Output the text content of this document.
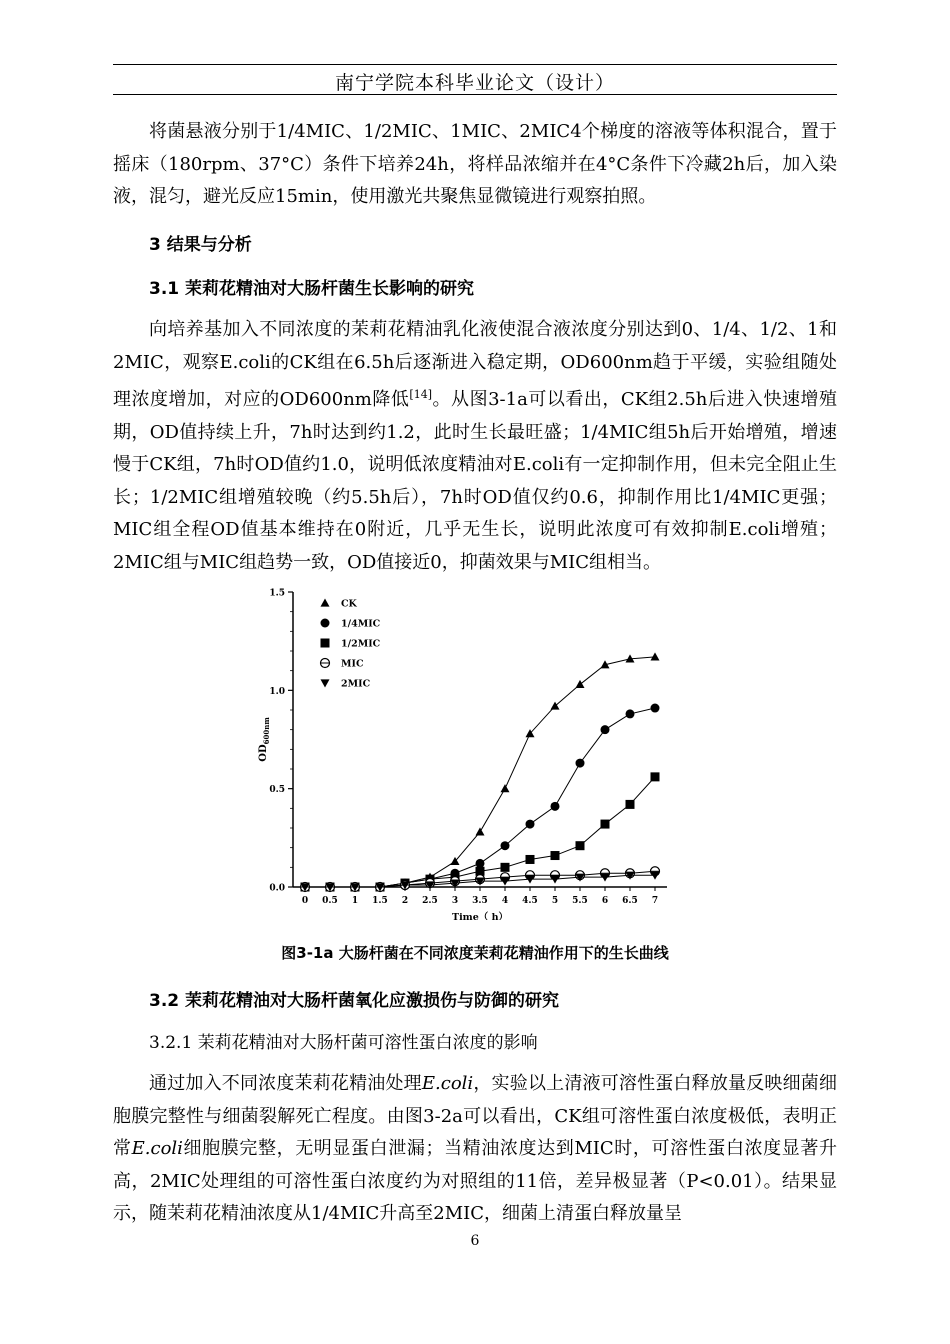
南宁学院本科毕业论文（设计）

将菌悬液分别于1/4MIC、1/2MIC、1MIC、2MIC4个梯度的溶液等体积混合，置于摇床（180rpm、37°C）条件下培养24h，将样品浓缩并在4°C条件下冷藏2h后，加入染液，混匀，避光反应15min，使用激光共聚焦显微镜进行观察拍照。

3 结果与分析
3.1 茉莉花精油对大肠杆菌生长影响的研究

向培养基加入不同浓度的茉莉花精油乳化液使混合液浓度分别达到0、1/4、1/2、1和2MIC，观察E.coli的CK组在6.5h后逐渐进入稳定期，OD600nm趋于平缓，实验组随处理浓度增加，对应的OD600nm降低[14]。从图3-1a可以看出，CK组2.5h后进入快速增殖期，OD值持续上升，7h时达到约1.2，此时生长最旺盛；1/4MIC组5h后开始增殖，增速慢于CK组，7h时OD值约1.0，说明低浓度精油对E.coli有一定抑制作用，但未完全阻止生长；1/2MIC组增殖较晚（约5.5h后），7h时OD值仅约0.6，抑制作用比1/4MIC更强；MIC组全程OD值基本维持在0附近，几乎无生长，说明此浓度可有效抑制E.coli增殖；2MIC组与MIC组趋势一致，OD值接近0，抑菌效果与MIC组相当。

0.0
0.5
1.0
1.5
0 0.5 1 1.5 2 2.5 3 3.5 4 4.5 5 5.5 6 6.5 7
Time（ h）
$OD_{600nm}$
CK
1/4MIC
1/2MIC
MIC
2MIC
图3-1a 大肠杆菌在不同浓度茉莉花精油作用下的生长曲线
3.2 茉莉花精油对大肠杆菌氧化应激损伤与防御的研究
3.2.1 茉莉花精油对大肠杆菌可溶性蛋白浓度的影响

通过加入不同浓度茉莉花精油处理E.coli，实验以上清液可溶性蛋白释放量反映细菌细胞膜完整性与细菌裂解死亡程度。由图3-2a可以看出，CK组可溶性蛋白浓度极低，表明正常E.coli细胞膜完整，无明显蛋白泄漏；当精油浓度达到MIC时，可溶性蛋白浓度显著升高，2MIC处理组的可溶性蛋白浓度约为对照组的11倍，差异极显著（P<0.01）。结果显示，随茉莉花精油浓度从1/4MIC升高至2MIC，细菌上清蛋白释放量呈

6
